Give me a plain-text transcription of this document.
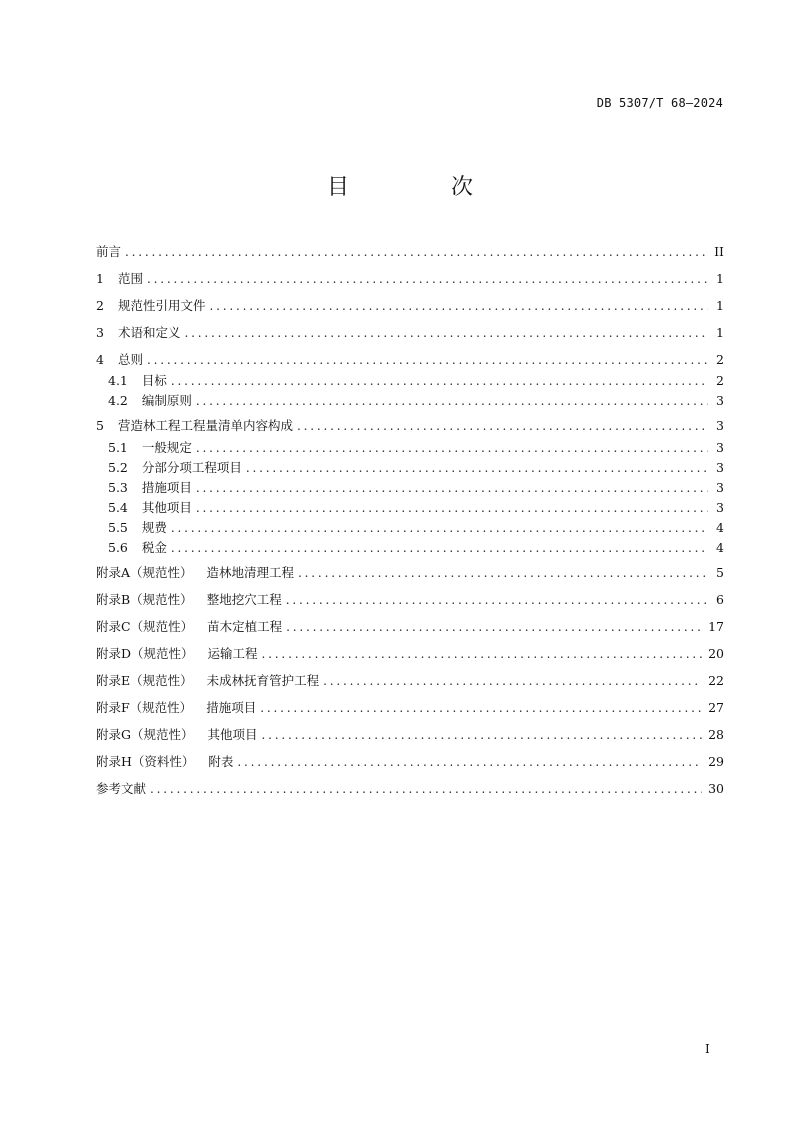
DB 5307/T 68—2024
目　次
前言 . . .	II
1 范围 . . .	1
2 规范性引用文件 . . .	1
3 术语和定义 . . .	1
4 总则 . . .	2
4.1 目标 . . .	2
4.2 编制原则 . . .	3
5 营造林工程工程量清单内容构成 . . .	3
5.1 一般规定 . . .	3
5.2 分部分项工程项目 . . .	3
5.3 措施项目 . . .	3
5.4 其他项目 . . .	3
5.5 规费 . . .	4
5.6 税金 . . .	4
附录A（规范性） 造林地清理工程 . . .	5
附录B（规范性） 整地挖穴工程 . . .	6
附录C（规范性） 苗木定植工程 . . .	17
附录D（规范性） 运输工程 . . .	20
附录E（规范性） 未成林抚育管护工程 . . .	22
附录F（规范性） 措施项目 . . .	27
附录G（规范性） 其他项目 . . .	28
附录H（资料性） 附表 . . .	29
参考文献 . . .	30
I
